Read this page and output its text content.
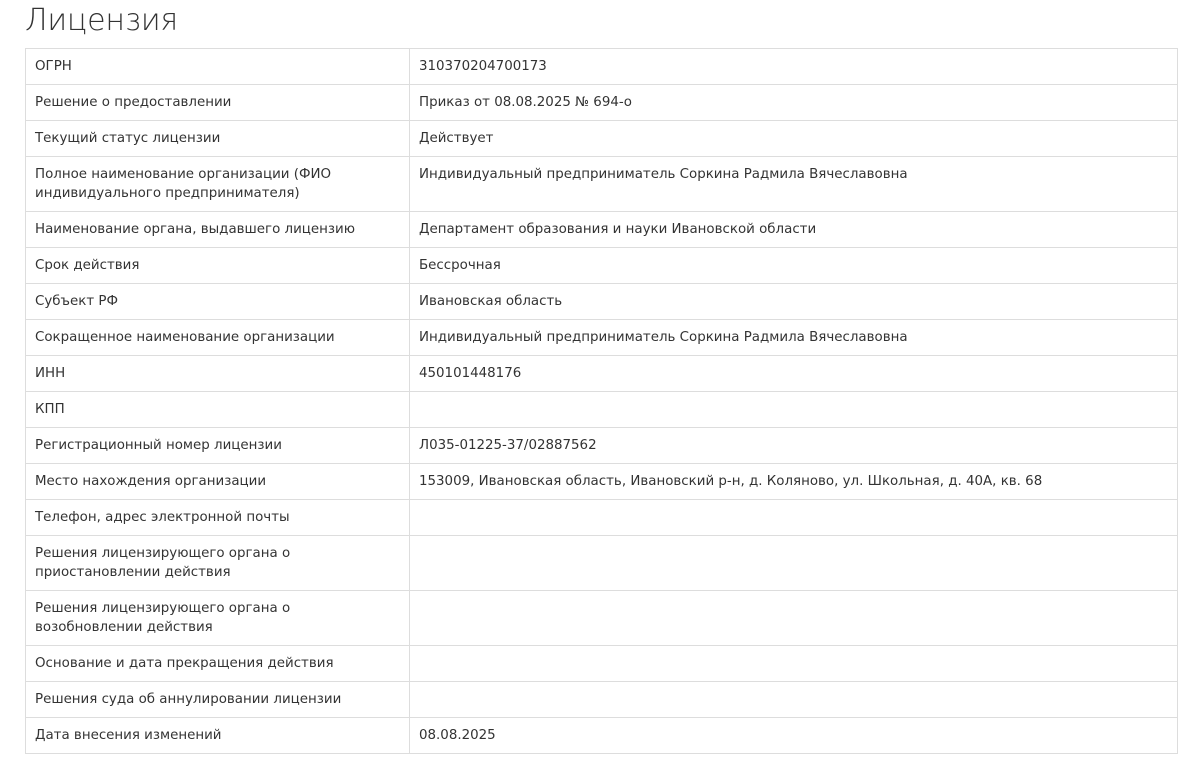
Лицензия
ОГРН	310370204700173
Решение о предоставлении	Приказ от 08.08.2025 № 694-о
Текущий статус лицензии	Действует
Полное наименование организации (ФИО индивидуального предпринимателя)	Индивидуальный предприниматель Соркина Радмила Вячеславовна
Наименование органа, выдавшего лицензию	Департамент образования и науки Ивановской области
Срок действия	Бессрочная
Субъект РФ	Ивановская область
Сокращенное наименование организации	Индивидуальный предприниматель Соркина Радмила Вячеславовна
ИНН	450101448176
КПП	
Регистрационный номер лицензии	Л035-01225-37/02887562
Место нахождения организации	153009, Ивановская область, Ивановский р-н, д. Коляново, ул. Школьная, д. 40А, кв. 68
Телефон, адрес электронной почты	
Решения лицензирующего органа о приостановлении действия	
Решения лицензирующего органа о возобновлении действия	
Основание и дата прекращения действия	
Решения суда об аннулировании лицензии	
Дата внесения изменений	08.08.2025
